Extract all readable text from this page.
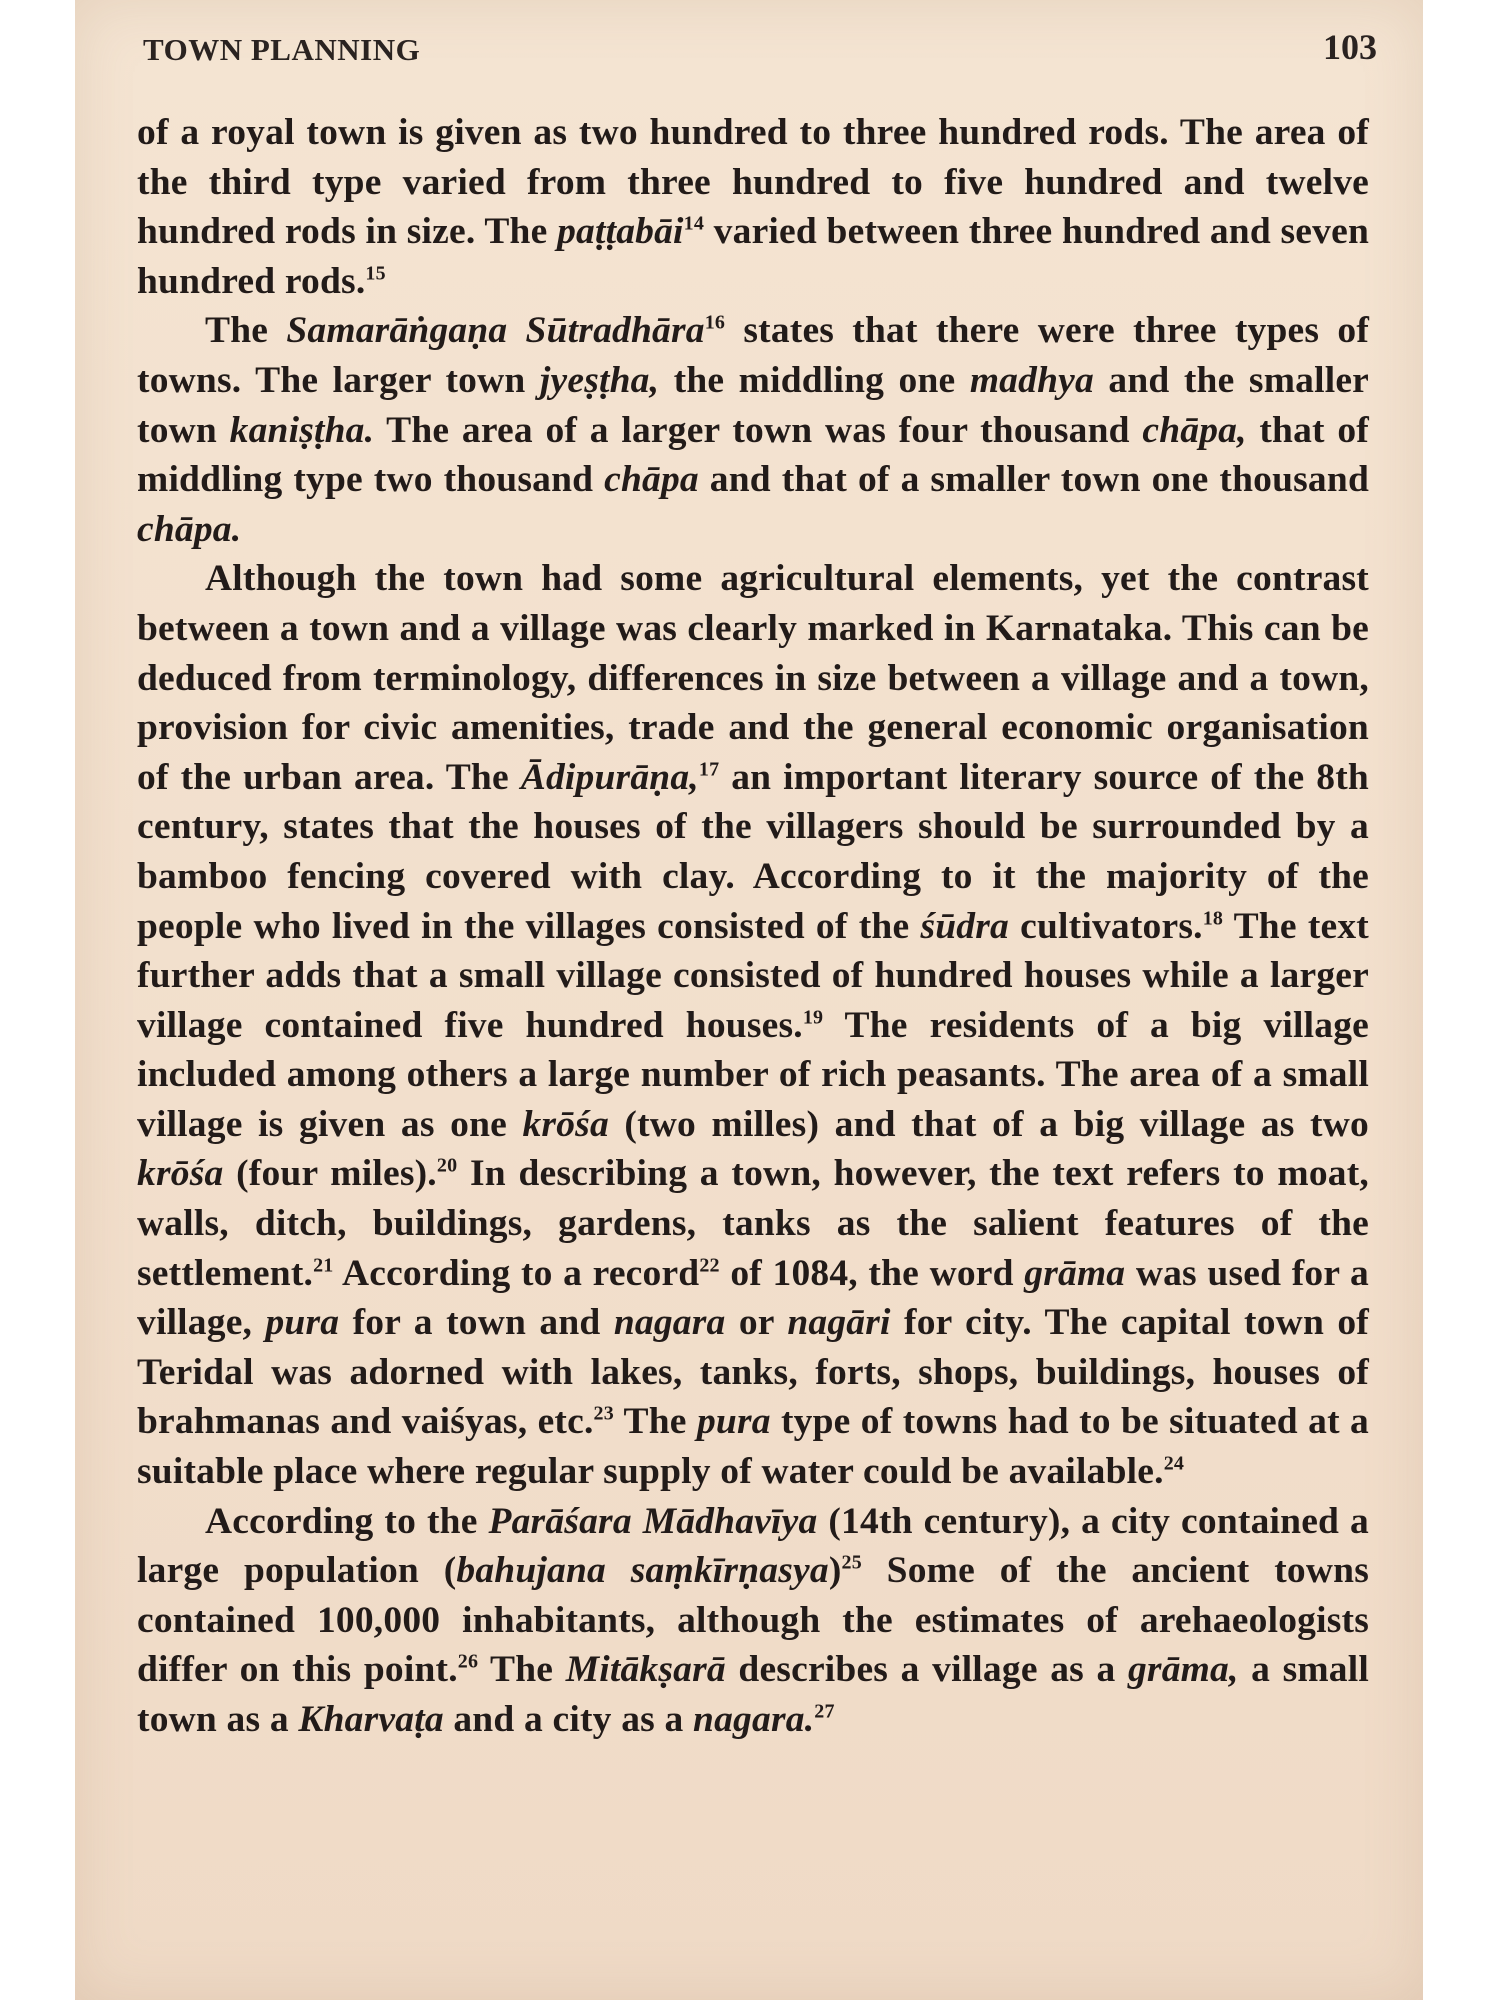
TOWN PLANNING	103

of a royal town is given as two hundred to three hundred rods. The area of the third type varied from three hundred to five hundred and twelve hundred rods in size. The paṭṭabāi$^{14}$ varied between three hundred and seven hundred rods.$^{15}$

The Samarāṅgaṇa Sūtradhāra$^{16}$ states that there were three types of towns. The larger town jyeṣṭha, the middling one madhya and the smaller town kaniṣṭha. The area of a larger town was four thousand chāpa, that of middling type two thousand chāpa and that of a smaller town one thousand chāpa.

Although the town had some agricultural elements, yet the contrast between a town and a village was clearly marked in Karnataka. This can be deduced from terminology, differences in size between a village and a town, provision for civic amenities, trade and the general economic organisation of the urban area. The Ādipurāṇa,$^{17}$ an important literary source of the 8th century, states that the houses of the villagers should be surrounded by a bamboo fencing covered with clay. According to it the majority of the people who lived in the villages consisted of the śūdra cultivators.$^{18}$ The text further adds that a small village consisted of hundred houses while a larger village contained five hundred houses.$^{19}$ The residents of a big village included among others a large number of rich peasants. The area of a small village is given as one krōśa (two milles) and that of a big village as two krōśa (four miles).$^{20}$ In describing a town, however, the text refers to moat, walls, ditch, buildings, gardens, tanks as the salient features of the settlement.$^{21}$ According to a record$^{22}$ of 1084, the word grāma was used for a village, pura for a town and nagara or nagāri for city. The capital town of Teridal was adorned with lakes, tanks, forts, shops, buildings, houses of brahmanas and vaiśyas, etc.$^{23}$ The pura type of towns had to be situated at a suitable place where regular supply of water could be available.$^{24}$

According to the Parāśara Mādhavīya (14th century), a city contained a large population (bahujana saṃkīrṇasya)$^{25}$ Some of the ancient towns contained 100,000 inhabitants, although the estimates of arehaeologists differ on this point.$^{26}$ The Mitākṣarā describes a village as a grāma, a small town as a Kharvaṭa and a city as a nagara.$^{27}$
